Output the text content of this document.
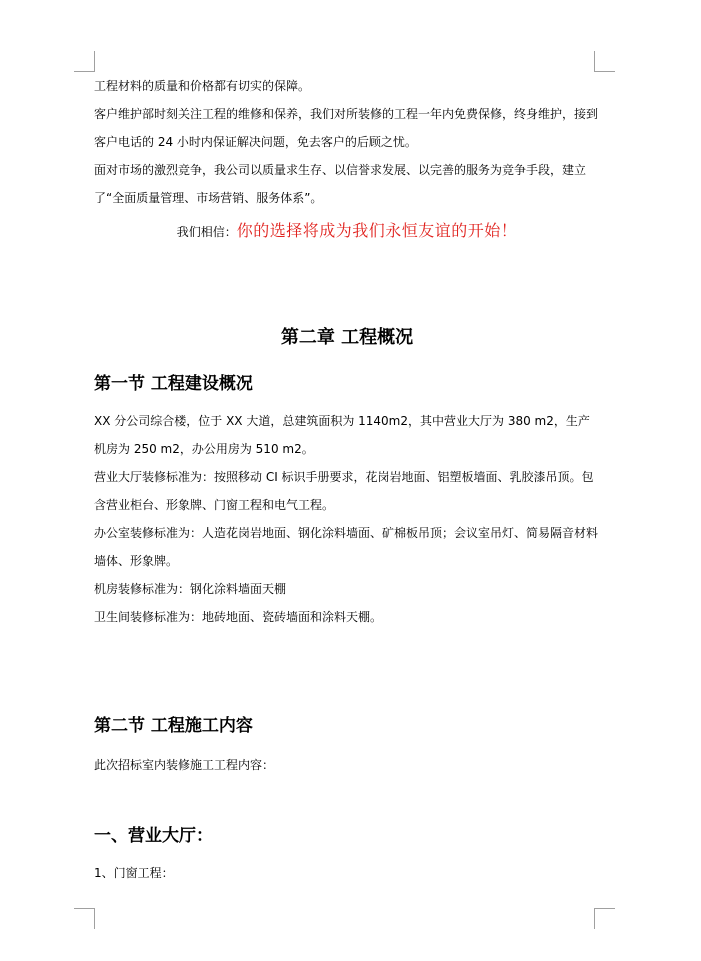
工程材料的质量和价格都有切实的保障。

客户维护部时刻关注工程的维修和保养，我们对所装修的工程一年内免费保修，终身维护，接到客户电话的 24 小时内保证解决问题，免去客户的后顾之忧。

面对市场的激烈竞争，我公司以质量求生存、以信誉求发展、以完善的服务为竞争手段，建立了“全面质量管理、市场营销、服务体系”。

我们相信：你的选择将成为我们永恒友谊的开始！

第二章 工程概况
第一节 工程建设概况

XX 分公司综合楼，位于 XX 大道，总建筑面积为 1140m2，其中营业大厅为 380 m2，生产机房为 250 m2，办公用房为 510 m2。

营业大厅装修标准为：按照移动 CI 标识手册要求，花岗岩地面、铝塑板墙面、乳胶漆吊顶。包含营业柜台、形象牌、门窗工程和电气工程。

办公室装修标准为：人造花岗岩地面、钢化涂料墙面、矿棉板吊顶；会议室吊灯、简易隔音材料墙体、形象牌。

机房装修标准为：钢化涂料墙面天棚

卫生间装修标准为：地砖地面、瓷砖墙面和涂料天棚。

第二节 工程施工内容

此次招标室内装修施工工程内容：

一、营业大厅：

1、门窗工程：
